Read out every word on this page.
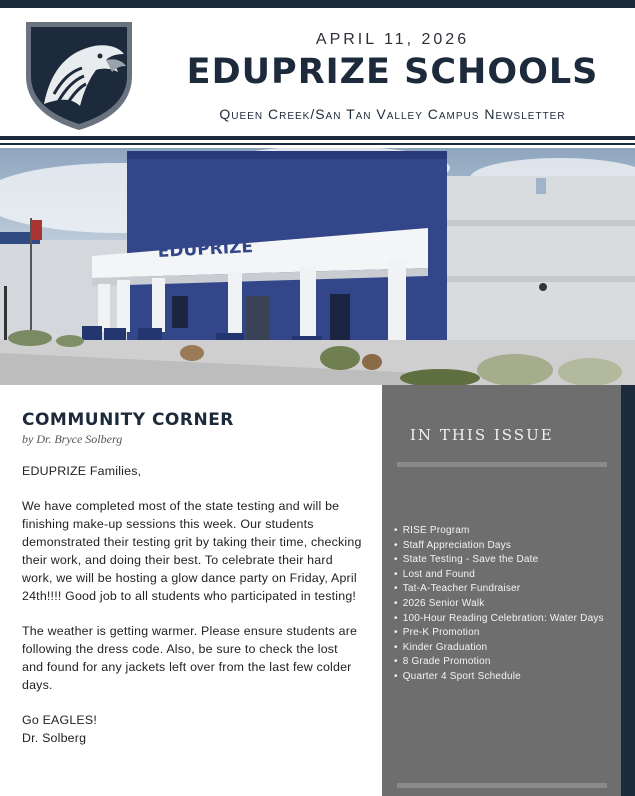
APRIL 11, 2026
EDUPRIZE SCHOOLS
Queen Creek/San Tan Valley Campus Newsletter
EDUPRIZE
COMMUNITY CORNER
by Dr. Bryce Solberg

EDUPRIZE Families,

We have completed most of the state testing and will be finishing make-up sessions this week. Our students demonstrated their testing grit by taking their time, checking their work, and doing their best. To celebrate their hard work, we will be hosting a glow dance party on Friday, April 24th!!!! Good job to all students who participated in testing!

The weather is getting warmer. Please ensure students are following the dress code. Also, be sure to check the lost and found for any jackets left over from the last few colder days.

Go EAGLES!

Dr. Solberg

IN THIS ISSUE
• RISE Program
• Staff Appreciation Days
• State Testing - Save the Date
• Lost and Found
• Tat-A-Teacher Fundraiser
• 2026 Senior Walk
• 100-Hour Reading Celebration: Water Days
• Pre-K Promotion
• Kinder Graduation
• 8 Grade Promotion
• Quarter 4 Sport Schedule
